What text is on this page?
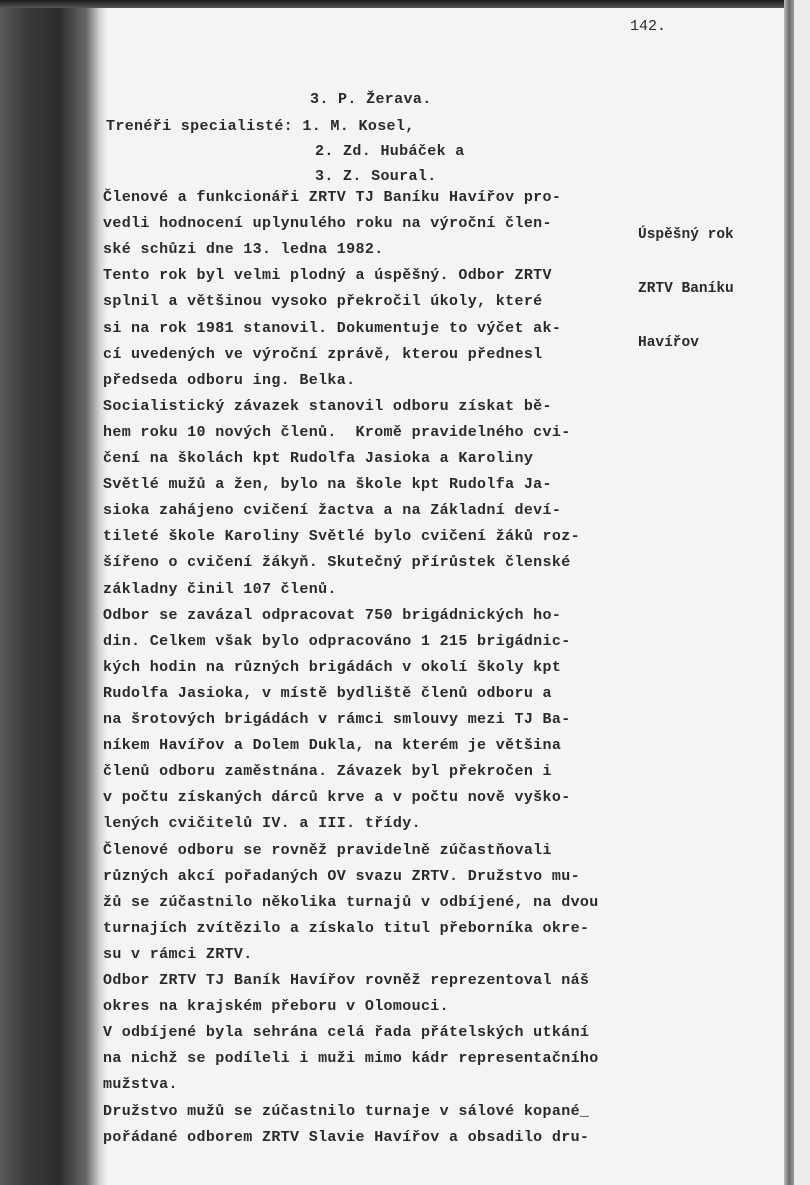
142.
3. P. Žerava.
Trenéři specialisté: 1. M. Kosel,
2. Zd. Hubáček a
3. Z. Soural.

Úspěšný rok

ZRTV Baníku

Havířov

Členové a funkcionáři ZRTV TJ Baníku Havířov pro-
vedli hodnocení uplynulého roku na výroční člen-
ské schůzi dne 13. ledna 1982.
Tento rok byl velmi plodný a úspěšný. Odbor ZRTV
splnil a většinou vysoko překročil úkoly, které
si na rok 1981 stanovil. Dokumentuje to výčet ak-
cí uvedených ve výroční zprávě, kterou přednesl
předseda odboru ing. Belka.
Socialistický závazek stanovil odboru získat bě-
hem roku 10 nových členů.  Kromě pravidelného cvi-
čení na školách kpt Rudolfa Jasioka a Karoliny
Světlé mužů a žen, bylo na škole kpt Rudolfa Ja-
sioka zahájeno cvičení žactva a na Základní deví-
tileté škole Karoliny Světlé bylo cvičení žáků roz-
šířeno o cvičení žákyň. Skutečný přírůstek členské
základny činil 107 členů.
Odbor se zavázal odpracovat 750 brigádnických ho-
din. Celkem však bylo odpracováno 1 215 brigádnic-
kých hodin na různých brigádách v okolí školy kpt
Rudolfa Jasioka, v místě bydliště členů odboru a
na šrotových brigádách v rámci smlouvy mezi TJ Ba-
níkem Havířov a Dolem Dukla, na kterém je většina
členů odboru zaměstnána. Závazek byl překročen i
v počtu získaných dárců krve a v počtu nově vyško-
lených cvičitelů IV. a III. třídy.
Členové odboru se rovněž pravidelně zúčastňovali
různých akcí pořadaných OV svazu ZRTV. Družstvo mu-
žů se zúčastnilo několika turnajů v odbíjené, na dvou
turnajích zvítězilo a získalo titul přeborníka okre-
su v rámci ZRTV.
Odbor ZRTV TJ Baník Havířov rovněž reprezentoval náš
okres na krajském přeboru v Olomouci.
V odbíjené byla sehrána celá řada přátelských utkání
na nichž se podíleli i muži mimo kádr representačního
mužstva.
Družstvo mužů se zúčastnilo turnaje v sálové kopané_
pořádané odborem ZRTV Slavie Havířov a obsadilo dru-
